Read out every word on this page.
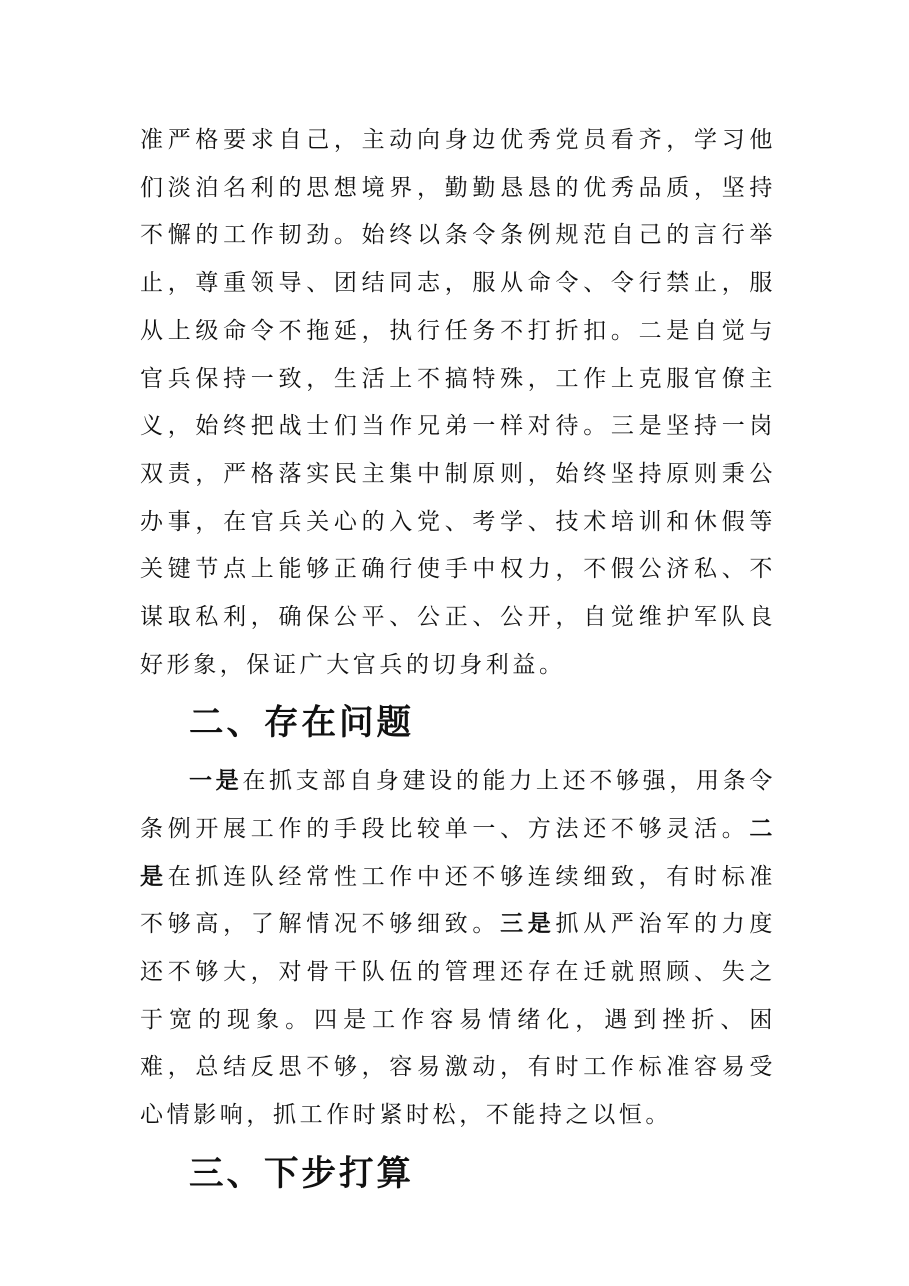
准严格要求自己，主动向身边优秀党员看齐，学习他们淡泊名利的思想境界，勤勤恳恳的优秀品质，坚持不懈的工作韧劲。始终以条令条例规范自己的言行举止，尊重领导、团结同志，服从命令、令行禁止，服从上级命令不拖延，执行任务不打折扣。二是自觉与官兵保持一致，生活上不搞特殊，工作上克服官僚主义，始终把战士们当作兄弟一样对待。三是坚持一岗双责，严格落实民主集中制原则，始终坚持原则秉公办事，在官兵关心的入党、考学、技术培训和休假等关键节点上能够正确行使手中权力，不假公济私、不谋取私利，确保公平、公正、公开，自觉维护军队良好形象，保证广大官兵的切身利益。

二、存在问题

一是在抓支部自身建设的能力上还不够强，用条令条例开展工作的手段比较单一、方法还不够灵活。二是在抓连队经常性工作中还不够连续细致，有时标准不够高，了解情况不够细致。三是抓从严治军的力度还不够大，对骨干队伍的管理还存在迁就照顾、失之于宽的现象。四是工作容易情绪化，遇到挫折、困难，总结反思不够，容易激动，有时工作标准容易受心情影响，抓工作时紧时松，不能持之以恒。

三、下步打算
